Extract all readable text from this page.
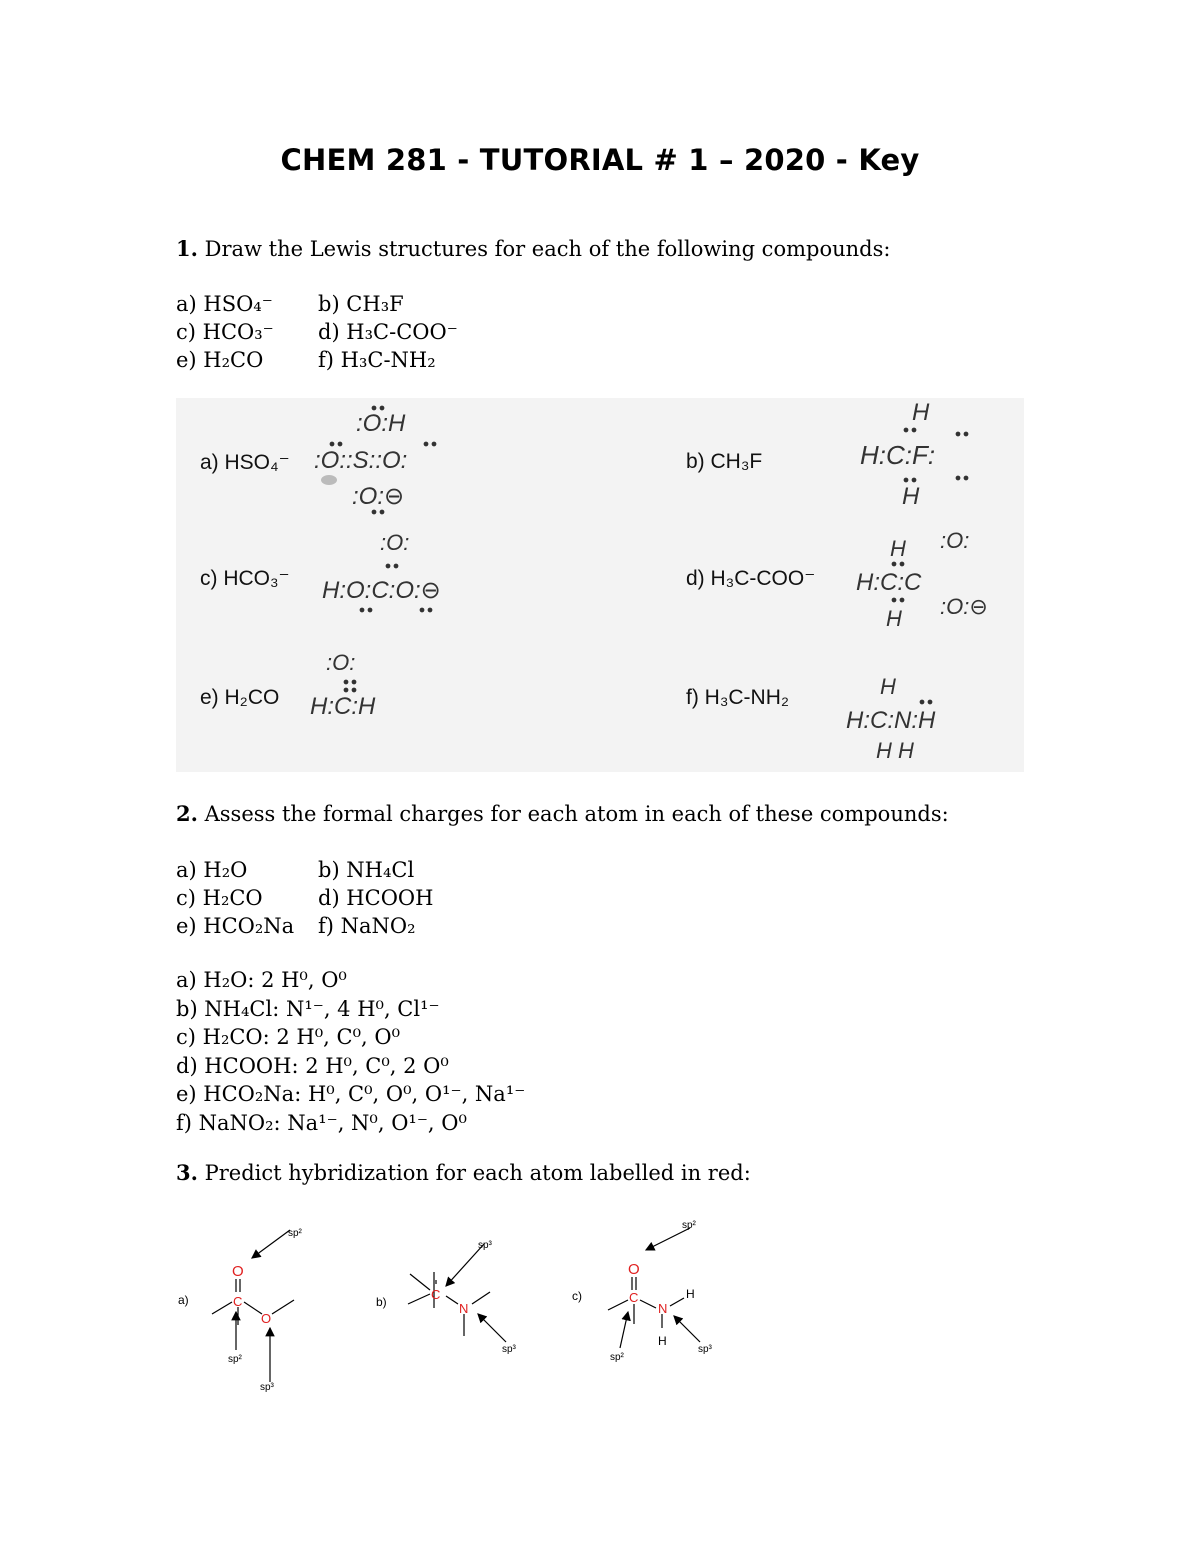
CHEM 281 - TUTORIAL # 1 – 2020 - Key
1. Draw the Lewis structures for each of the following compounds:
a) HSO₄⁻	b) CH₃F
c) HCO₃⁻	d) H₃C-COO⁻
e) H₂CO	f) H₃C-NH₂
a) HSO₄⁻	b) CH₃F
c) HCO₃⁻	d) H₃C-COO⁻
e) H₂CO	f) H₃C-NH₂
:O:H
:O::S::O:
:O:⊖
H
H:C:F:
H
:O:
H:O:C:O:⊖
H :O:
H:C:C
:O:⊖
H
:O:
H:C:H
H
H:C:N:H
H H
2. Assess the formal charges for each atom in each of these compounds:
a) H₂O	b) NH₄Cl
c) H₂CO	d) HCOOH
e) HCO₂Na	f) NaNO₂
a) H₂O: 2 H⁰, O⁰
b) NH₄Cl: N¹⁻, 4 H⁰, Cl¹⁻
c) H₂CO: 2 H⁰, C⁰, O⁰
d) HCOOH: 2 H⁰, C⁰, 2 O⁰
e) HCO₂Na: H⁰, C⁰, O⁰, O¹⁻, Na¹⁻
f) NaNO₂: Na¹⁻, N⁰, O¹⁻, O⁰
3. Predict hybridization for each atom labelled in red:
a)	b)	c)
O
C
O
C
N
O
C
N
H
H
sp²
sp²
sp³
sp³
sp³
sp²
sp²
sp³
